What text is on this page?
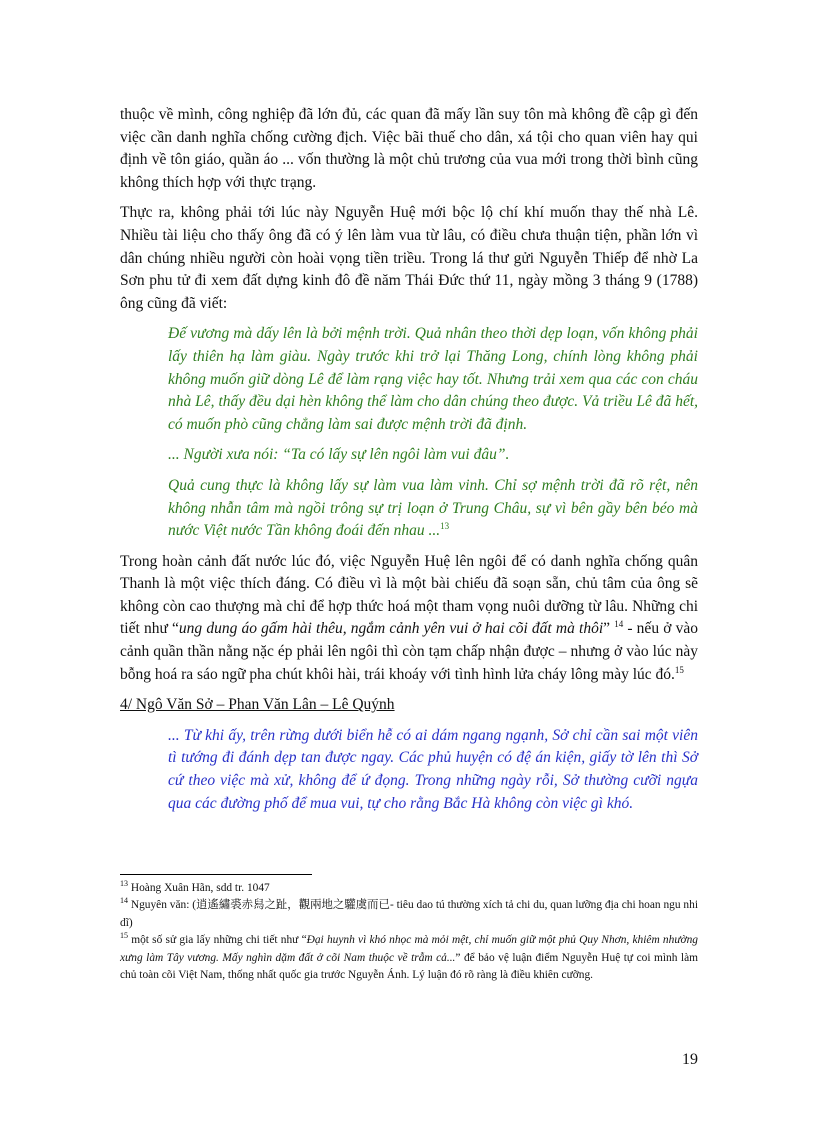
thuộc về mình, công nghiệp đã lớn đủ, các quan đã mấy lần suy tôn mà không đề cập gì đến việc cần danh nghĩa chống cường địch. Việc bãi thuế cho dân, xá tội cho quan viên hay qui định về tôn giáo, quần áo ... vốn thường là một chủ trương của vua mới trong thời bình cũng không thích hợp với thực trạng.

Thực ra, không phải tới lúc này Nguyễn Huệ mới bộc lộ chí khí muốn thay thế nhà Lê. Nhiều tài liệu cho thấy ông đã có ý lên làm vua từ lâu, có điều chưa thuận tiện, phần lớn vì dân chúng nhiều người còn hoài vọng tiền triều. Trong lá thư gửi Nguyễn Thiếp để nhờ La Sơn phu tử đi xem đất dựng kinh đô đề năm Thái Đức thứ 11, ngày mồng 3 tháng 9 (1788) ông cũng đã viết:

Đế vương mà dấy lên là bởi mệnh trời. Quả nhân theo thời dẹp loạn, vốn không phải lấy thiên hạ làm giàu. Ngày trước khi trở lại Thăng Long, chính lòng không phải không muốn giữ dòng Lê để làm rạng việc hay tốt. Nhưng trải xem qua các con cháu nhà Lê, thấy đều dại hèn không thể làm cho dân chúng theo được. Vả triều Lê đã hết, có muốn phò cũng chẳng làm sai được mệnh trời đã định.

... Người xưa nói: “Ta có lấy sự lên ngôi làm vui đâu”.

Quả cung thực là không lấy sự làm vua làm vinh. Chỉ sợ mệnh trời đã rõ rệt, nên không nhẫn tâm mà ngồi trông sự trị loạn ở Trung Châu, sự vì bên gầy bên béo mà nước Việt nước Tần không đoái đến nhau ...$^{13}$

Trong hoàn cảnh đất nước lúc đó, việc Nguyễn Huệ lên ngôi để có danh nghĩa chống quân Thanh là một việc thích đáng. Có điều vì là một bài chiếu đã soạn sẵn, chủ tâm của ông sẽ không còn cao thượng mà chỉ để hợp thức hoá một tham vọng nuôi dưỡng từ lâu. Những chi tiết như “ung dung áo gấm hài thêu, ngắm cảnh yên vui ở hai cõi đất mà thôi” $^{14}$ - nếu ở vào cảnh quần thần nằng nặc ép phải lên ngôi thì còn tạm chấp nhận được – nhưng ở vào lúc này bỗng hoá ra sáo ngữ pha chút khôi hài, trái khoáy với tình hình lửa cháy lông mày lúc đó.$^{15}$

4/ Ngô Văn Sở – Phan Văn Lân – Lê Quýnh

... Từ khi ấy, trên rừng dưới biển hễ có ai dám ngang ngạnh, Sở chỉ cần sai một viên tì tướng đi đánh dẹp tan được ngay. Các phủ huyện có đệ án kiện, giấy tờ lên thì Sở cứ theo việc mà xử, không để ứ đọng. Trong những ngày rỗi, Sở thường cưỡi ngựa qua các đường phố để mua vui, tự cho rằng Bắc Hà không còn việc gì khó.

$^{13}$ Hoàng Xuân Hãn, sdd tr. 1047

$^{14}$ Nguyên văn: (逍遙繡裘赤舄之趾，觀兩地之驩虞而已- tiêu dao tú thường xích tả chi du, quan lưỡng địa chi hoan ngu nhi dĩ)

$^{15}$ một số sử gia lấy những chi tiết như “Đại huynh vì khó nhọc mà mỏi mệt, chỉ muốn giữ một phủ Quy Nhơn, khiêm nhường xưng làm Tây vương. Mấy nghìn dặm đất ở cõi Nam thuộc về trẫm cả...” để bảo vệ luận điểm Nguyễn Huệ tự coi mình làm chủ toàn cõi Việt Nam, thống nhất quốc gia trước Nguyễn Ánh. Lý luận đó rõ ràng là điều khiên cưỡng.

19
